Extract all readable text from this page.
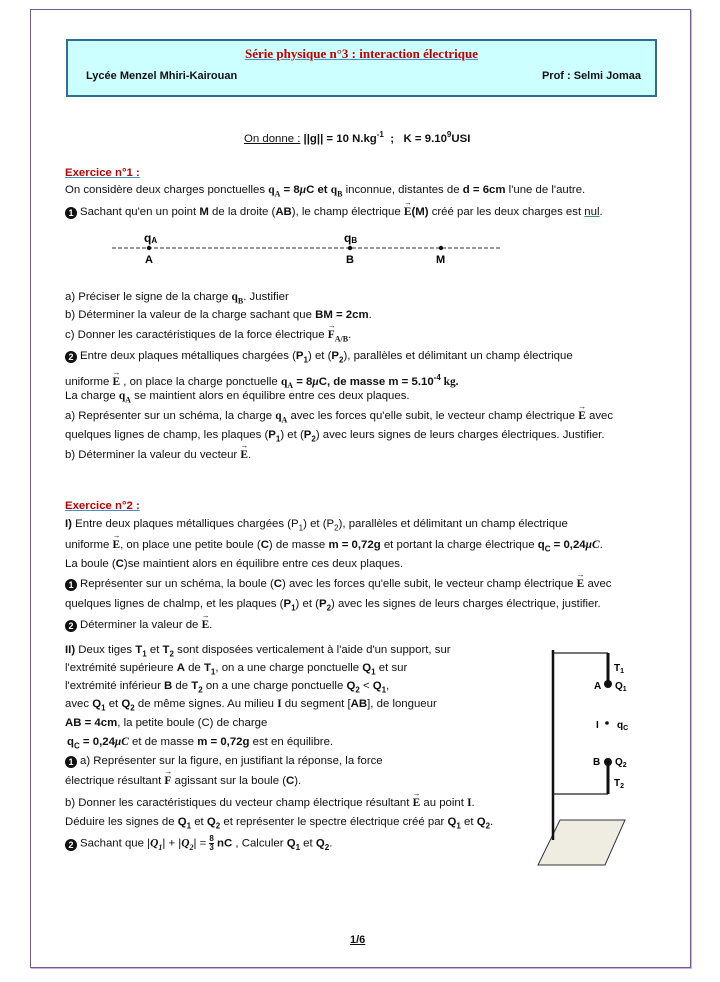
Série physique n°3 : interaction électrique
Lycée Menzel Mhiri-Kairouan	Prof : Selmi Jomaa
On donne : ||g|| = 10 $N.kg^{-1}$ ; $K = 9.10^9USI$
Exercice n°1 :
On considère deux charges ponctuelles $q_A = 8\mu C$ et $q_B$ inconnue, distantes de d = 6cm l'une de l'autre.
1 Sachant qu'en un point M de la droite (AB), le champ électrique → E(M) créé par les deux charges est nul.
qA	qB
A	B	M
a) Préciser le signe de la charge $q_B$. Justifier
b) Déterminer la valeur de la charge sachant que BM = 2cm.
c) Donner les caractéristiques de la force électrique → $F_{A/B}$.
2 Entre deux plaques métalliques chargées $(P_1)$ et $(P_2)$, parallèles et délimitant un champ électrique
uniforme → E , on place la charge ponctuelle $q_A = 8\mu C$, de masse $m = 5.10^{-4}$ kg.
La charge $q_A$ se maintient alors en équilibre entre ces deux plaques.
a) Représenter sur un schéma, la charge $q_A$ avec les forces qu'elle subit, le vecteur champ électrique → E avec
quelques lignes de champ, les plaques $(P_1)$ et $(P_2)$ avec leurs signes de leurs charges électriques. Justifier.
b) Déterminer la valeur du vecteur → E.
Exercice n°2 :
I) Entre deux plaques métalliques chargées $(P_1)$ et $(P_2)$, parallèles et délimitant un champ électrique
uniforme → E, on place une petite boule (C) de masse m = 0,72g et portant la charge électrique $q_C = 0,24\mu C$.
La boule (C)se maintient alors en équilibre entre ces deux plaques.
1 Représenter sur un schéma, la boule (C) avec les forces qu'elle subit, le vecteur champ électrique → E avec
quelques lignes de chalmp, et les plaques $(P_1)$ et $(P_2)$ avec les signes de leurs charges électrique, justifier.
2 Déterminer la valeur de → E.
II) Deux tiges $T_1$ et $T_2$ sont disposées verticalement à l'aide d'un support, sur
l'extrémité supérieure A de $T_1$, on a une charge ponctuelle $Q_1$ et sur
l'extrémité inférieur B de $T_2$ on a une charge ponctuelle $Q_2 < Q_1$,
avec $Q_1$ et $Q_2$ de même signes. Au milieu I du segment [AB], de longueur
AB = 4cm, la petite boule (C) de charge
$q_C = 0,24\mu C$ et de masse m = 0,72g est en équilibre.
1 a) Représenter sur la figure, en justifiant la réponse, la force
électrique résultant → F agissant sur la boule (C).
b) Donner les caractéristiques du vecteur champ électrique résultant → E au point I.
Déduire les signes de $Q_1$ et $Q_2$ et représenter le spectre électrique créé par $Q_1$ et $Q_2$.
2 Sachant que $|Q_1| + |Q_2| = \frac{8}{3}$ nC , Calculer $Q_1$ et $Q_2$.
$T_1$
A $Q_1$
I $q_C$
B $Q_2$
$T_2$
1/6
